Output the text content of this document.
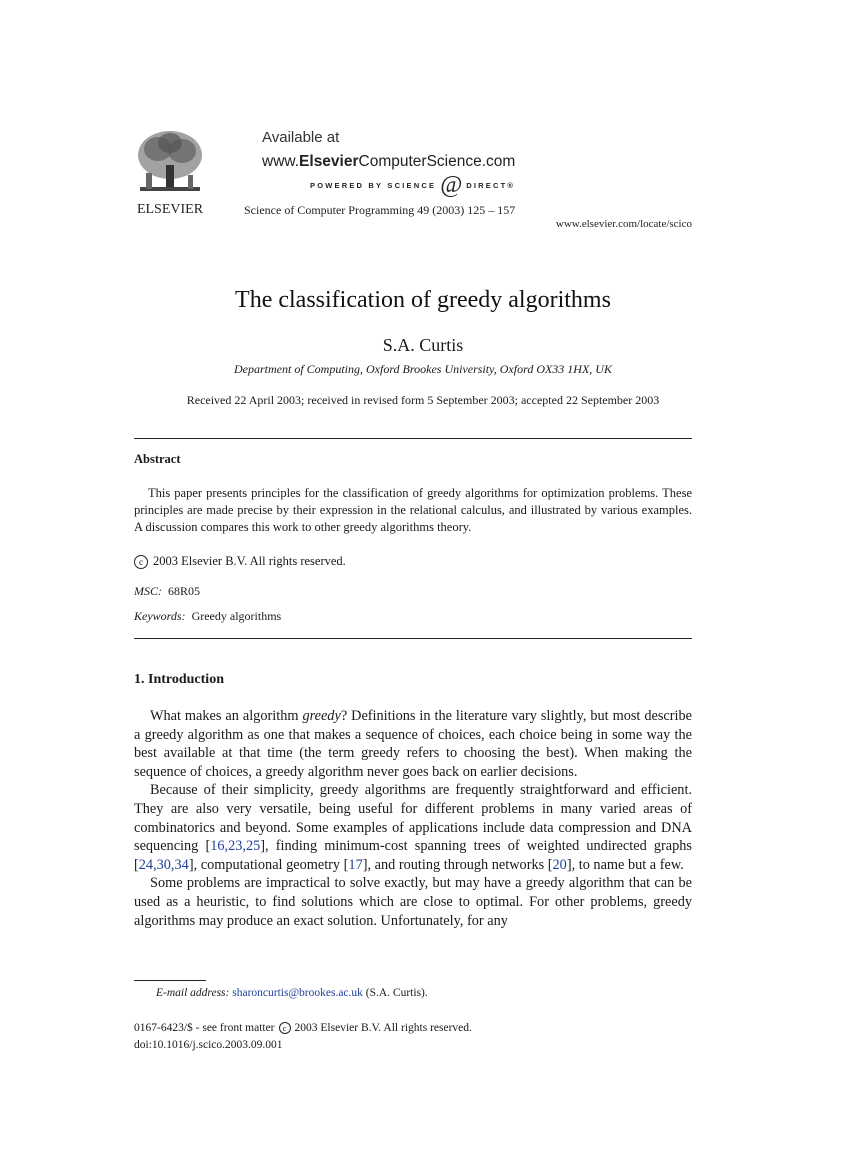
ELSEVIER
Available at
www.ElsevierComputerScience.com
POWERED BY SCIENCE @ DIRECT®
Science of Computer Programming 49 (2003) 125 – 157
www.elsevier.com/locate/scico
The classification of greedy algorithms
S.A. Curtis
Department of Computing, Oxford Brookes University, Oxford OX33 1HX, UK
Received 22 April 2003; received in revised form 5 September 2003; accepted 22 September 2003
Abstract
This paper presents principles for the classification of greedy algorithms for optimization problems. These principles are made precise by their expression in the relational calculus, and illustrated by various examples. A discussion compares this work to other greedy algorithms theory.
c 2003 Elsevier B.V. All rights reserved.
MSC: 68R05
Keywords: Greedy algorithms
1. Introduction

What makes an algorithm greedy? Definitions in the literature vary slightly, but most describe a greedy algorithm as one that makes a sequence of choices, each choice being in some way the best available at that time (the term greedy refers to choosing the best). When making the sequence of choices, a greedy algorithm never goes back on earlier decisions.

Because of their simplicity, greedy algorithms are frequently straightforward and efficient. They are also very versatile, being useful for different problems in many varied areas of combinatorics and beyond. Some examples of applications include data compression and DNA sequencing [16,23,25], finding minimum-cost spanning trees of weighted undirected graphs [24,30,34], computational geometry [17], and routing through networks [20], to name but a few.

Some problems are impractical to solve exactly, but may have a greedy algorithm that can be used as a heuristic, to find solutions which are close to optimal. For other problems, greedy algorithms may produce an exact solution. Unfortunately, for any

E-mail address: sharoncurtis@brookes.ac.uk (S.A. Curtis).
0167-6423/$ - see front matter	c 2003 Elsevier B.V. All rights reserved.
doi:10.1016/j.scico.2003.09.001
